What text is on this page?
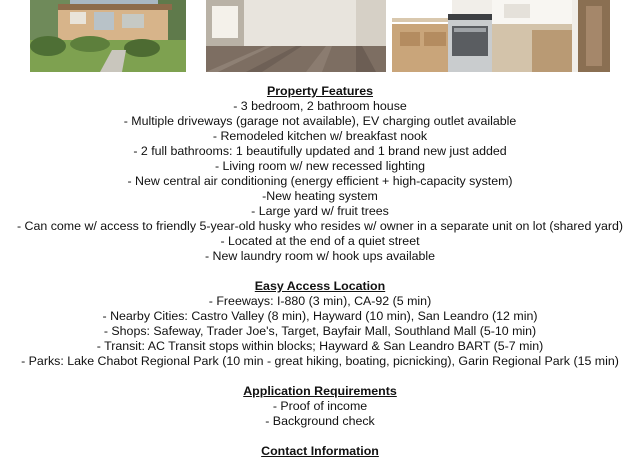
Property Features
- 3 bedroom, 2 bathroom house
- Multiple driveways (garage not available), EV charging outlet available
- Remodeled kitchen w/ breakfast nook
- 2 full bathrooms: 1 beautifully updated and 1 brand new just added
- Living room w/ new recessed lighting
- New central air conditioning (energy efficient + high-capacity system)
-New heating system
- Large yard w/ fruit trees
- Can come w/ access to friendly 5-year-old husky who resides w/ owner in a separate unit on lot (shared yard)
- Located at the end of a quiet street
- New laundry room w/ hook ups available
Easy Access Location
- Freeways: I-880 (3 min), CA-92 (5 min)
- Nearby Cities: Castro Valley (8 min), Hayward (10 min), San Leandro (12 min)
- Shops: Safeway, Trader Joe's, Target, Bayfair Mall, Southland Mall (5-10 min)
- Transit: AC Transit stops within blocks; Hayward & San Leandro BART (5-7 min)
- Parks: Lake Chabot Regional Park (10 min - great hiking, boating, picnicking), Garin Regional Park (15 min)
Application Requirements
- Proof of income
- Background check
Contact Information
